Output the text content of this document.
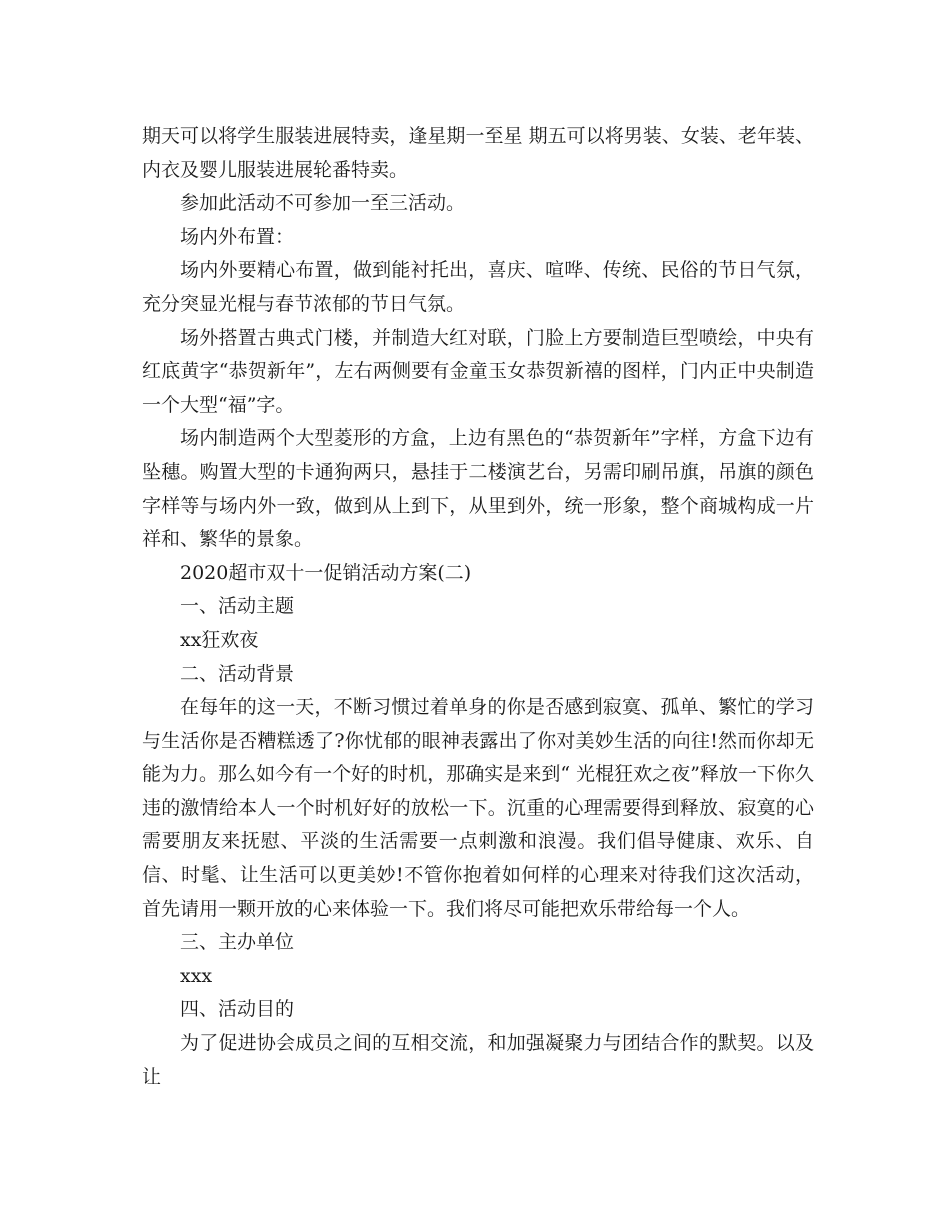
期天可以将学生服装进展特卖，逢星期一至星 期五可以将男装、女装、老年装、内衣及婴儿服装进展轮番特卖。

参加此活动不可参加一至三活动。

场内外布置：

场内外要精心布置，做到能衬托出，喜庆、喧哗、传统、民俗的节日气氛，充分突显光棍与春节浓郁的节日气氛。

场外搭置古典式门楼，并制造大红对联，门脸上方要制造巨型喷绘，中央有红底黄字“恭贺新年”，左右两侧要有金童玉女恭贺新禧的图样，门内正中央制造一个大型“福”字。

场内制造两个大型菱形的方盒，上边有黑色的“恭贺新年”字样，方盒下边有坠穗。购置大型的卡通狗两只，悬挂于二楼演艺台，另需印刷吊旗，吊旗的颜色字样等与场内外一致，做到从上到下，从里到外，统一形象，整个商城构成一片祥和、繁华的景象。

2020超市双十一促销活动方案(二)

一、活动主题

xx狂欢夜

二、活动背景

在每年的这一天，不断习惯过着单身的你是否感到寂寞、孤单、繁忙的学习与生活你是否糟糕透了?你忧郁的眼神表露出了你对美妙生活的向往!然而你却无能为力。那么如今有一个好的时机，那确实是来到“ 光棍狂欢之夜”释放一下你久违的激情给本人一个时机好好的放松一下。沉重的心理需要得到释放、寂寞的心需要朋友来抚慰、平淡的生活需要一点刺激和浪漫。我们倡导健康、欢乐、自信、时髦、让生活可以更美妙!不管你抱着如何样的心理来对待我们这次活动，首先请用一颗开放的心来体验一下。我们将尽可能把欢乐带给每一个人。

三、主办单位

xxx

四、活动目的

为了促进协会成员之间的互相交流，和加强凝聚力与团结合作的默契。以及让
